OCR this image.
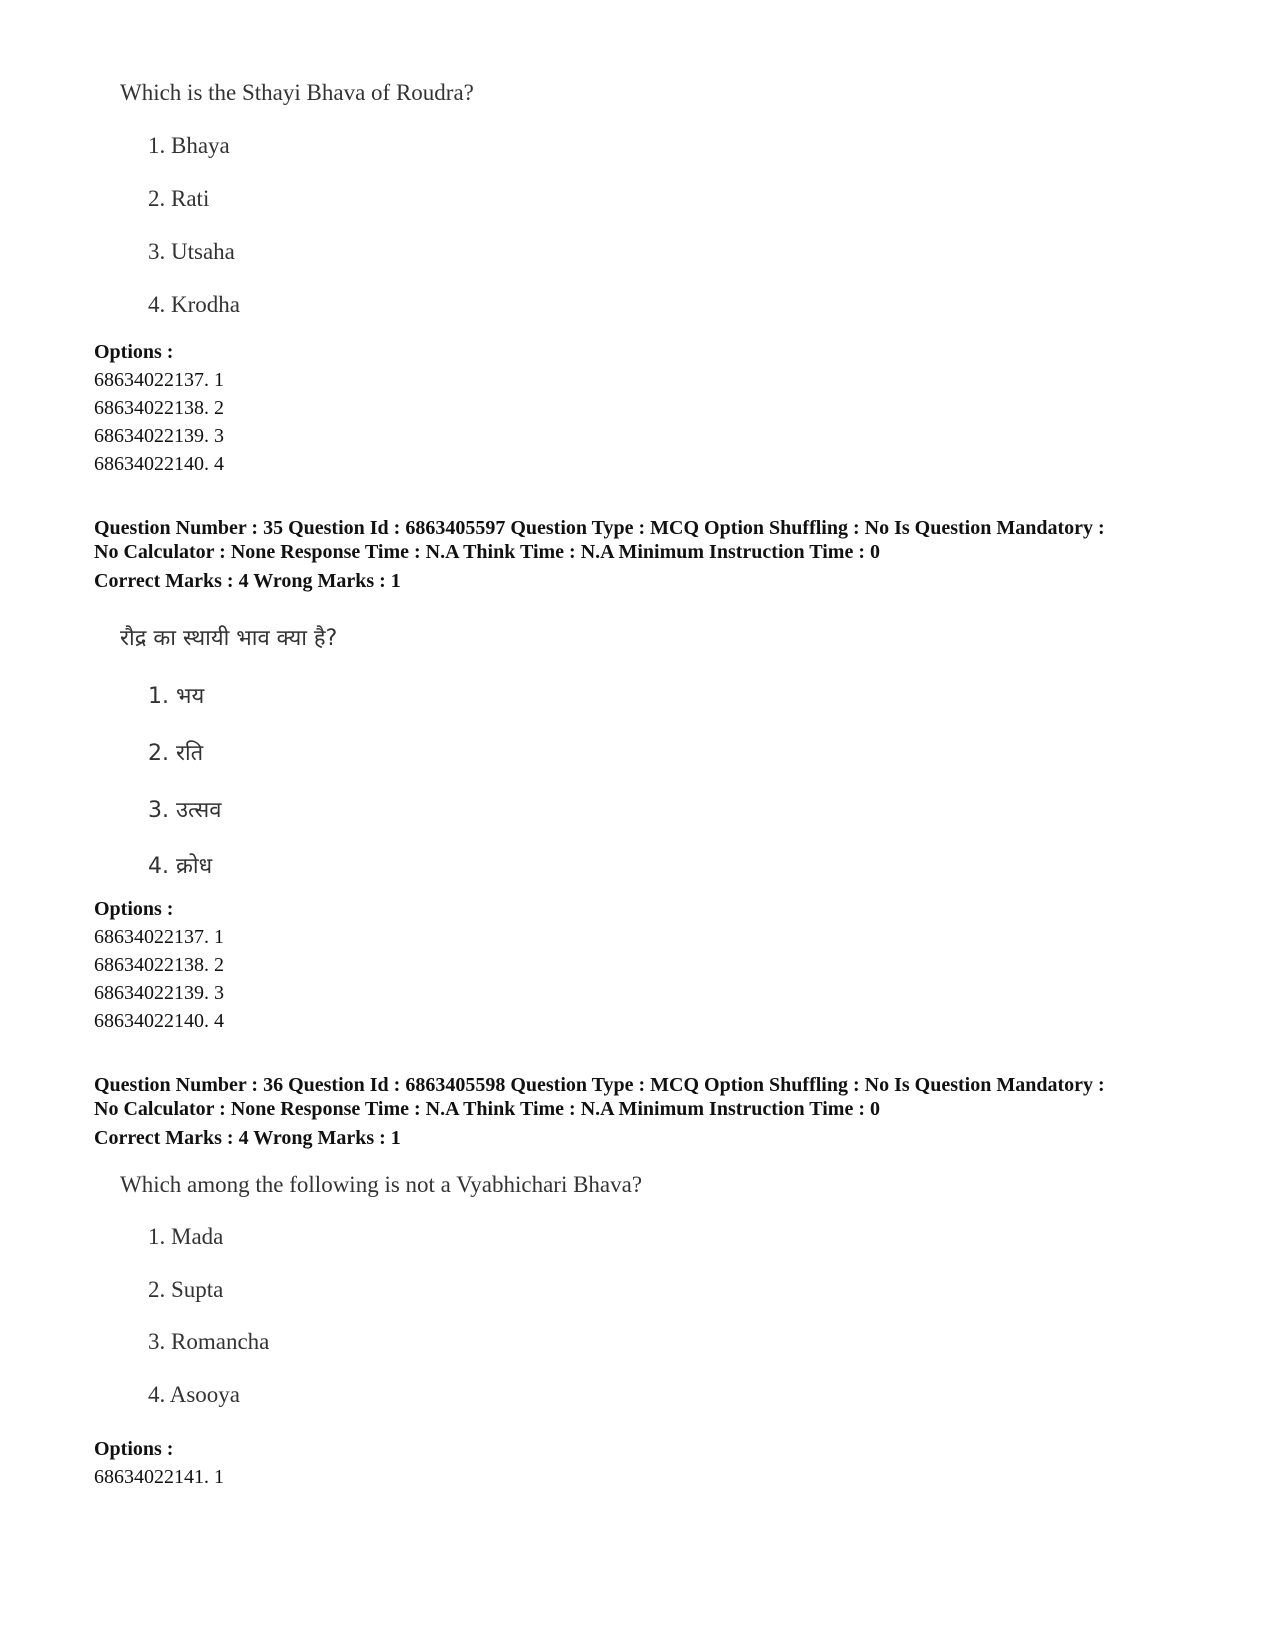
Which is the Sthayi Bhava of Roudra?
1. Bhaya
2. Rati
3. Utsaha
4. Krodha
Options :
68634022137. 1
68634022138. 2
68634022139. 3
68634022140. 4
Question Number : 35 Question Id : 6863405597 Question Type : MCQ Option Shuffling : No Is Question Mandatory :
No Calculator : None Response Time : N.A Think Time : N.A Minimum Instruction Time : 0
Correct Marks : 4 Wrong Marks : 1
रौद्र का स्थायी भाव क्या है?
1. भय
2. रति
3. उत्सव
4. क्रोध
Options :
68634022137. 1
68634022138. 2
68634022139. 3
68634022140. 4
Question Number : 36 Question Id : 6863405598 Question Type : MCQ Option Shuffling : No Is Question Mandatory :
No Calculator : None Response Time : N.A Think Time : N.A Minimum Instruction Time : 0
Correct Marks : 4 Wrong Marks : 1
Which among the following is not a Vyabhichari Bhava?
1. Mada
2. Supta
3. Romancha
4. Asooya
Options :
68634022141. 1
